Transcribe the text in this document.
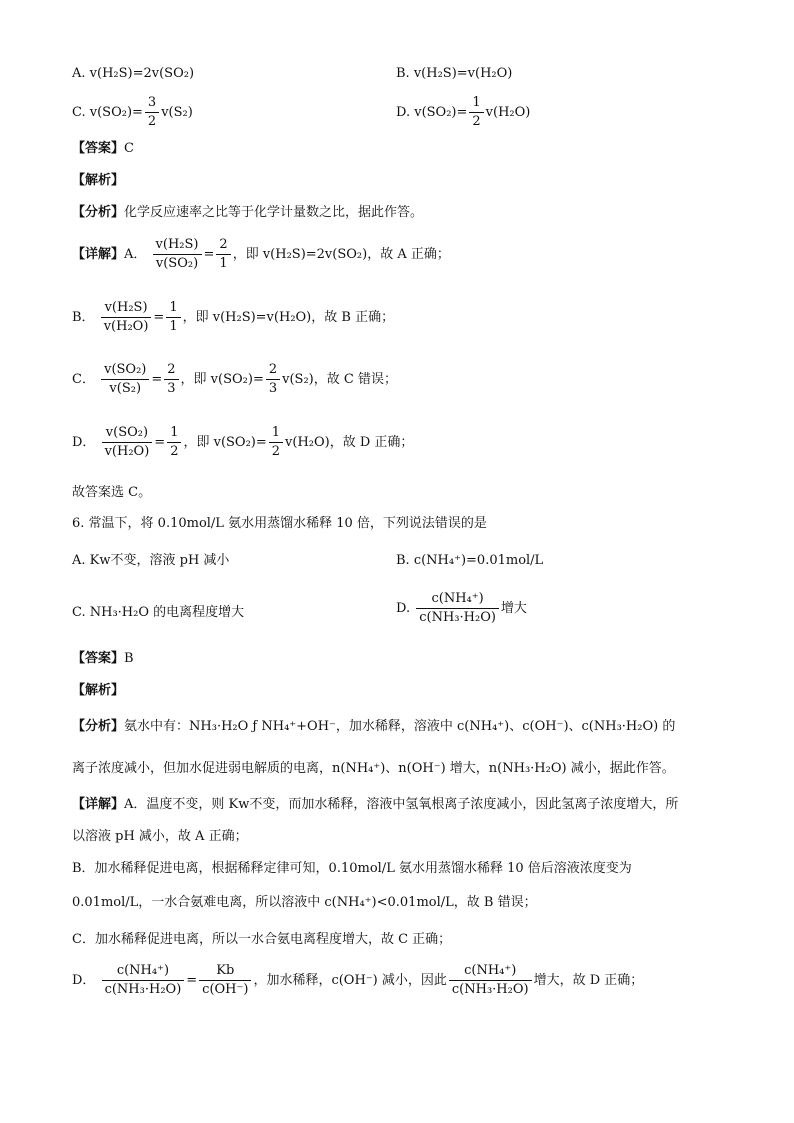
A. v(H₂S)=2v(SO₂)	B. v(H₂S)=v(H₂O)
C. $v(SO_2)= \frac{3}{2} v(S_2)$	D. $v(SO_2)= \frac{1}{2} v(H_2O)$
【答案】C
【解析】
【分析】化学反应速率之比等于化学计量数之比，据此作答。
【详解】A． $\frac{\text{v(H₂S)}}{\text{v(SO₂)}} = \frac{2}{1}$ ，即 v(H₂S)=2v(SO₂)，故 A 正确；
B． $\frac{\text{v(H₂S)}}{\text{v(H₂O)}} = \frac{1}{1}$ ，即 v(H₂S)=v(H₂O)，故 B 正确；
C． $\frac{\text{v(SO₂)}}{\text{v(S₂)}} = \frac{2}{3}$ ，即 $v(SO_2)= \frac{2}{3} v(S_2)$，故 C 错误；
D． $\frac{\text{v(SO₂)}}{\text{v(H₂O)}} = \frac{1}{2}$ ，即 $v(SO_2)= \frac{1}{2} v(H_2O)$，故 D 正确；
故答案选 C。
6. 常温下，将 0.10mol/L 氨水用蒸馏水稀释 10 倍，下列说法错误的是
A. Kw不变，溶液 pH 减小	B. c(NH₄⁺)=0.01mol/L
C. NH₃·H₂O 的电离程度增大	D. $\frac{\text{c(NH₄⁺)}}{\text{c(NH₃·H₂O)}}$ 增大
【答案】B
【解析】
【分析】氨水中有：NH₃·H₂O ƒ NH₄⁺+OH⁻，加水稀释，溶液中 c(NH₄⁺)、c(OH⁻)、c(NH₃·H₂O) 的
离子浓度减小，但加水促进弱电解质的电离，n(NH₄⁺)、n(OH⁻) 增大，n(NH₃·H₂O) 减小，据此作答。
【详解】A．温度不变，则 Kw不变，而加水稀释，溶液中氢氧根离子浓度减小，因此氢离子浓度增大，所
以溶液 pH 减小，故 A 正确；
B．加水稀释促进电离，根据稀释定律可知，0.10mol/L 氨水用蒸馏水稀释 10 倍后溶液浓度变为
0.01mol/L，一水合氨难电离，所以溶液中 c(NH₄⁺)<0.01mol/L，故 B 错误；
C．加水稀释促进电离，所以一水合氨电离程度增大，故 C 正确；
D． $\frac{\text{c(NH₄⁺)}}{\text{c(NH₃·H₂O)}} = \frac{Kb}{c(OH^-)}$ ，加水稀释，c(OH⁻) 减小，因此 $\frac{\text{c(NH₄⁺)}}{\text{c(NH₃·H₂O)}}$ 增大，故 D 正确；
